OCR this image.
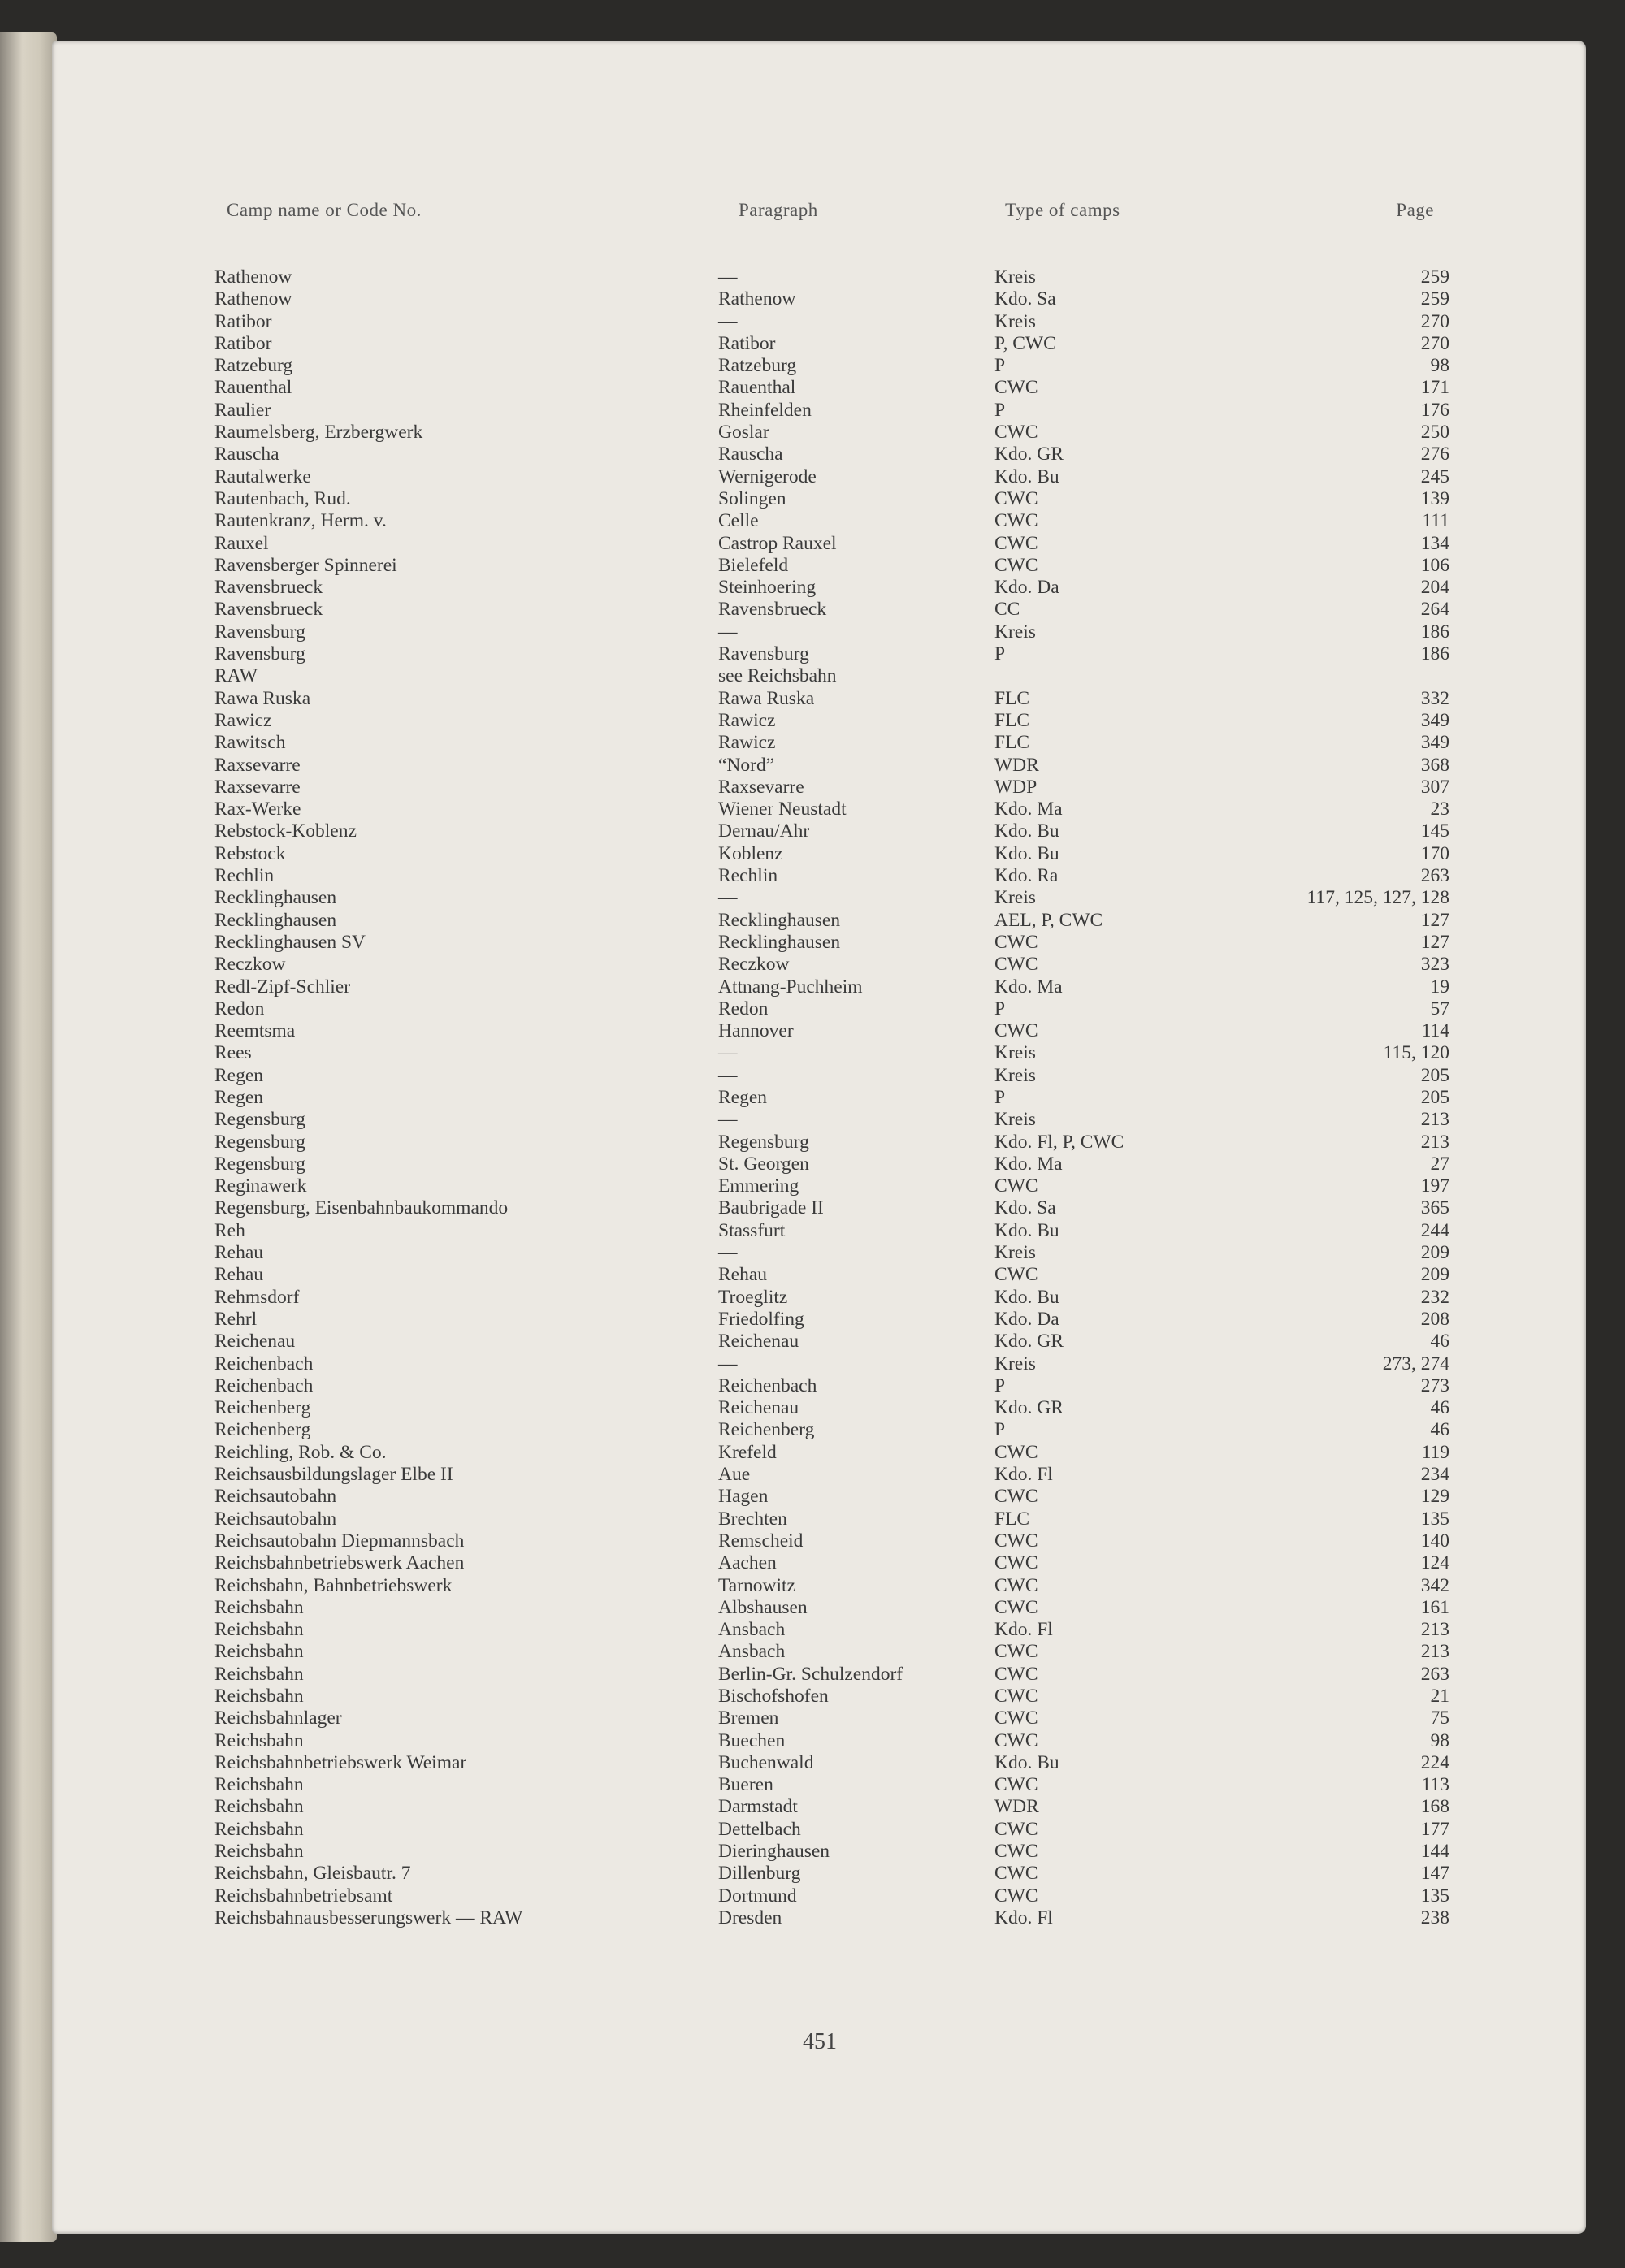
Camp name or Code No.	Paragraph	Type of camps	Page
Rathenow	—	Kreis	259
Rathenow	Rathenow	Kdo. Sa	259
Ratibor	—	Kreis	270
Ratibor	Ratibor	P, CWC	270
Ratzeburg	Ratzeburg	P	98
Rauenthal	Rauenthal	CWC	171
Raulier	Rheinfelden	P	176
Raumelsberg, Erzbergwerk	Goslar	CWC	250
Rauscha	Rauscha	Kdo. GR	276
Rautalwerke	Wernigerode	Kdo. Bu	245
Rautenbach, Rud.	Solingen	CWC	139
Rautenkranz, Herm. v.	Celle	CWC	111
Rauxel	Castrop Rauxel	CWC	134
Ravensberger Spinnerei	Bielefeld	CWC	106
Ravensbrueck	Steinhoering	Kdo. Da	204
Ravensbrueck	Ravensbrueck	CC	264
Ravensburg	—	Kreis	186
Ravensburg	Ravensburg	P	186
RAW	see Reichsbahn
Rawa Ruska	Rawa Ruska	FLC	332
Rawicz	Rawicz	FLC	349
Rawitsch	Rawicz	FLC	349
Raxsevarre	“Nord”	WDR	368
Raxsevarre	Raxsevarre	WDP	307
Rax-Werke	Wiener Neustadt	Kdo. Ma	23
Rebstock-Koblenz	Dernau/Ahr	Kdo. Bu	145
Rebstock	Koblenz	Kdo. Bu	170
Rechlin	Rechlin	Kdo. Ra	263
Recklinghausen	—	Kreis	117, 125, 127, 128
Recklinghausen	Recklinghausen	AEL, P, CWC	127
Recklinghausen SV	Recklinghausen	CWC	127
Reczkow	Reczkow	CWC	323
Redl-Zipf-Schlier	Attnang-Puchheim	Kdo. Ma	19
Redon	Redon	P	57
Reemtsma	Hannover	CWC	114
Rees	—	Kreis	115, 120
Regen	—	Kreis	205
Regen	Regen	P	205
Regensburg	—	Kreis	213
Regensburg	Regensburg	Kdo. Fl, P, CWC	213
Regensburg	St. Georgen	Kdo. Ma	27
Reginawerk	Emmering	CWC	197
Regensburg, Eisenbahnbaukommando	Baubrigade II	Kdo. Sa	365
Reh	Stassfurt	Kdo. Bu	244
Rehau	—	Kreis	209
Rehau	Rehau	CWC	209
Rehmsdorf	Troeglitz	Kdo. Bu	232
Rehrl	Friedolfing	Kdo. Da	208
Reichenau	Reichenau	Kdo. GR	46
Reichenbach	—	Kreis	273, 274
Reichenbach	Reichenbach	P	273
Reichenberg	Reichenau	Kdo. GR	46
Reichenberg	Reichenberg	P	46
Reichling, Rob. & Co.	Krefeld	CWC	119
Reichsausbildungslager Elbe II	Aue	Kdo. Fl	234
Reichsautobahn	Hagen	CWC	129
Reichsautobahn	Brechten	FLC	135
Reichsautobahn Diepmannsbach	Remscheid	CWC	140
Reichsbahnbetriebswerk Aachen	Aachen	CWC	124
Reichsbahn, Bahnbetriebswerk	Tarnowitz	CWC	342
Reichsbahn	Albshausen	CWC	161
Reichsbahn	Ansbach	Kdo. Fl	213
Reichsbahn	Ansbach	CWC	213
Reichsbahn	Berlin-Gr. Schulzendorf	CWC	263
Reichsbahn	Bischofshofen	CWC	21
Reichsbahnlager	Bremen	CWC	75
Reichsbahn	Buechen	CWC	98
Reichsbahnbetriebswerk Weimar	Buchenwald	Kdo. Bu	224
Reichsbahn	Bueren	CWC	113
Reichsbahn	Darmstadt	WDR	168
Reichsbahn	Dettelbach	CWC	177
Reichsbahn	Dieringhausen	CWC	144
Reichsbahn, Gleisbautr. 7	Dillenburg	CWC	147
Reichsbahnbetriebsamt	Dortmund	CWC	135
Reichsbahnausbesserungswerk — RAW	Dresden	Kdo. Fl	238
451
